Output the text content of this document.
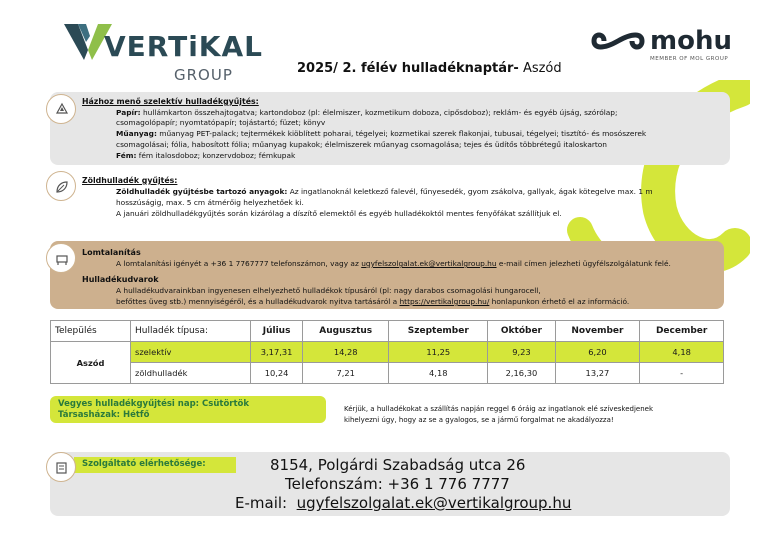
VERTiKAL
GROUP
mohu
MEMBER OF MOL GROUP
2025/ 2. félév hulladéknaptár- Aszód
Házhoz menő szelektív hulladékgyűjtés:
Papír: hullámkarton összehajtogatva; kartondoboz (pl: élelmiszer, kozmetikum doboza, cipősdoboz); reklám- és egyéb újság, szórólap;
csomagolópapír; nyomtatópapír; tojástartó; füzet; könyv
Műanyag: műanyag PET-palack; tejtermékek kiöblített poharai, tégelyei; kozmetikai szerek flakonjai, tubusai, tégelyei; tisztító- és mosószerek
csomagolásai; fólia, habosított fólia; műanyag kupakok; élelmiszerek műanyag csomagolása; tejes és üdítős többrétegű italoskarton
Fém: fém italosdoboz; konzervdoboz; fémkupak
Zöldhulladék gyűjtés:
Zöldhulladék gyűjtésbe tartozó anyagok: Az ingatlanoknál keletkező falevél, fűnyesedék, gyom zsákolva, gallyak, ágak kötegelve max. 1 m
hosszúságig, max. 5 cm átmérőig helyezhetőek ki.
A januári zöldhulladékgyűjtés során kizárólag a díszítő elemektől és egyéb hulladékoktól mentes fenyőfákat szállítjuk el.
Lomtalanítás
A lomtalanítási igényét a +36 1 7767777 telefonszámon, vagy az ugyfelszolgalat.ek@vertikalgroup.hu e-mail címen jelezheti ügyfélszolgálatunk felé.
Hulladékudvarok
A hulladékudvarainkban ingyenesen elhelyezhető hulladékok típusáról (pl: nagy darabos csomagolási hungarocell,
befőttes üveg stb.) mennyiségéről, és a hulladékudvarok nyitva tartásáról a https://vertikalgroup.hu/ honlapunkon érhető el az információ.
Település	Hulladék típusa:	Július	Augusztus	Szeptember	Október	November	December
Aszód	szelektív	3,17,31	14,28	11,25	9,23	6,20	4,18
	zöldhulladék	10,24	7,21	4,18	2,16,30	13,27	-
Vegyes hulladékgyűjtési nap: Csütörtök
Társasházak: Hétfő
Kérjük, a hulladékokat a szállítás napján reggel 6 óráig az ingatlanok elé szíveskedjenek
kihelyezni úgy, hogy az se a gyalogos, se a jármű forgalmat ne akadályozza!
Szolgáltató elérhetősége:	8154, Polgárdi Szabadság utca 26
Telefonszám: +36 1 776 7777
E-mail: ugyfelszolgalat.ek@vertikalgroup.hu
